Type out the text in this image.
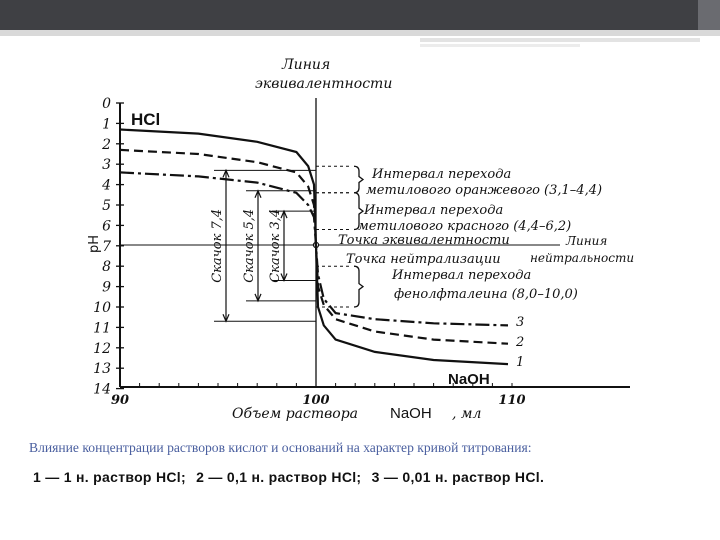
0
1
2
3
4
5
6
7
8
9
10
11
12
13
14
90	100	110
1
2
3
Скачок 7,4 Скачок 5,4 Скачок 3,4
Интервал перехода
метилового оранжевого (3,1–4,4)
Интервал перехода
метилового красного (4,4–6,2)
Интервал перехода
фенолфталеина (8,0–10,0)
Линия
эквивалентности
HCl
NaOH
Точка эквивалентности
Точка нейтрализации
Линия
нейтральности
pH
Объем раствора NaOH , мл
Влияние концентрации растворов кислот и оснований на характер кривой титрования:
1 — 1 н. раствор HCl; 2 — 0,1 н. раствор HCl; 3 — 0,01 н. раствор HCl.
